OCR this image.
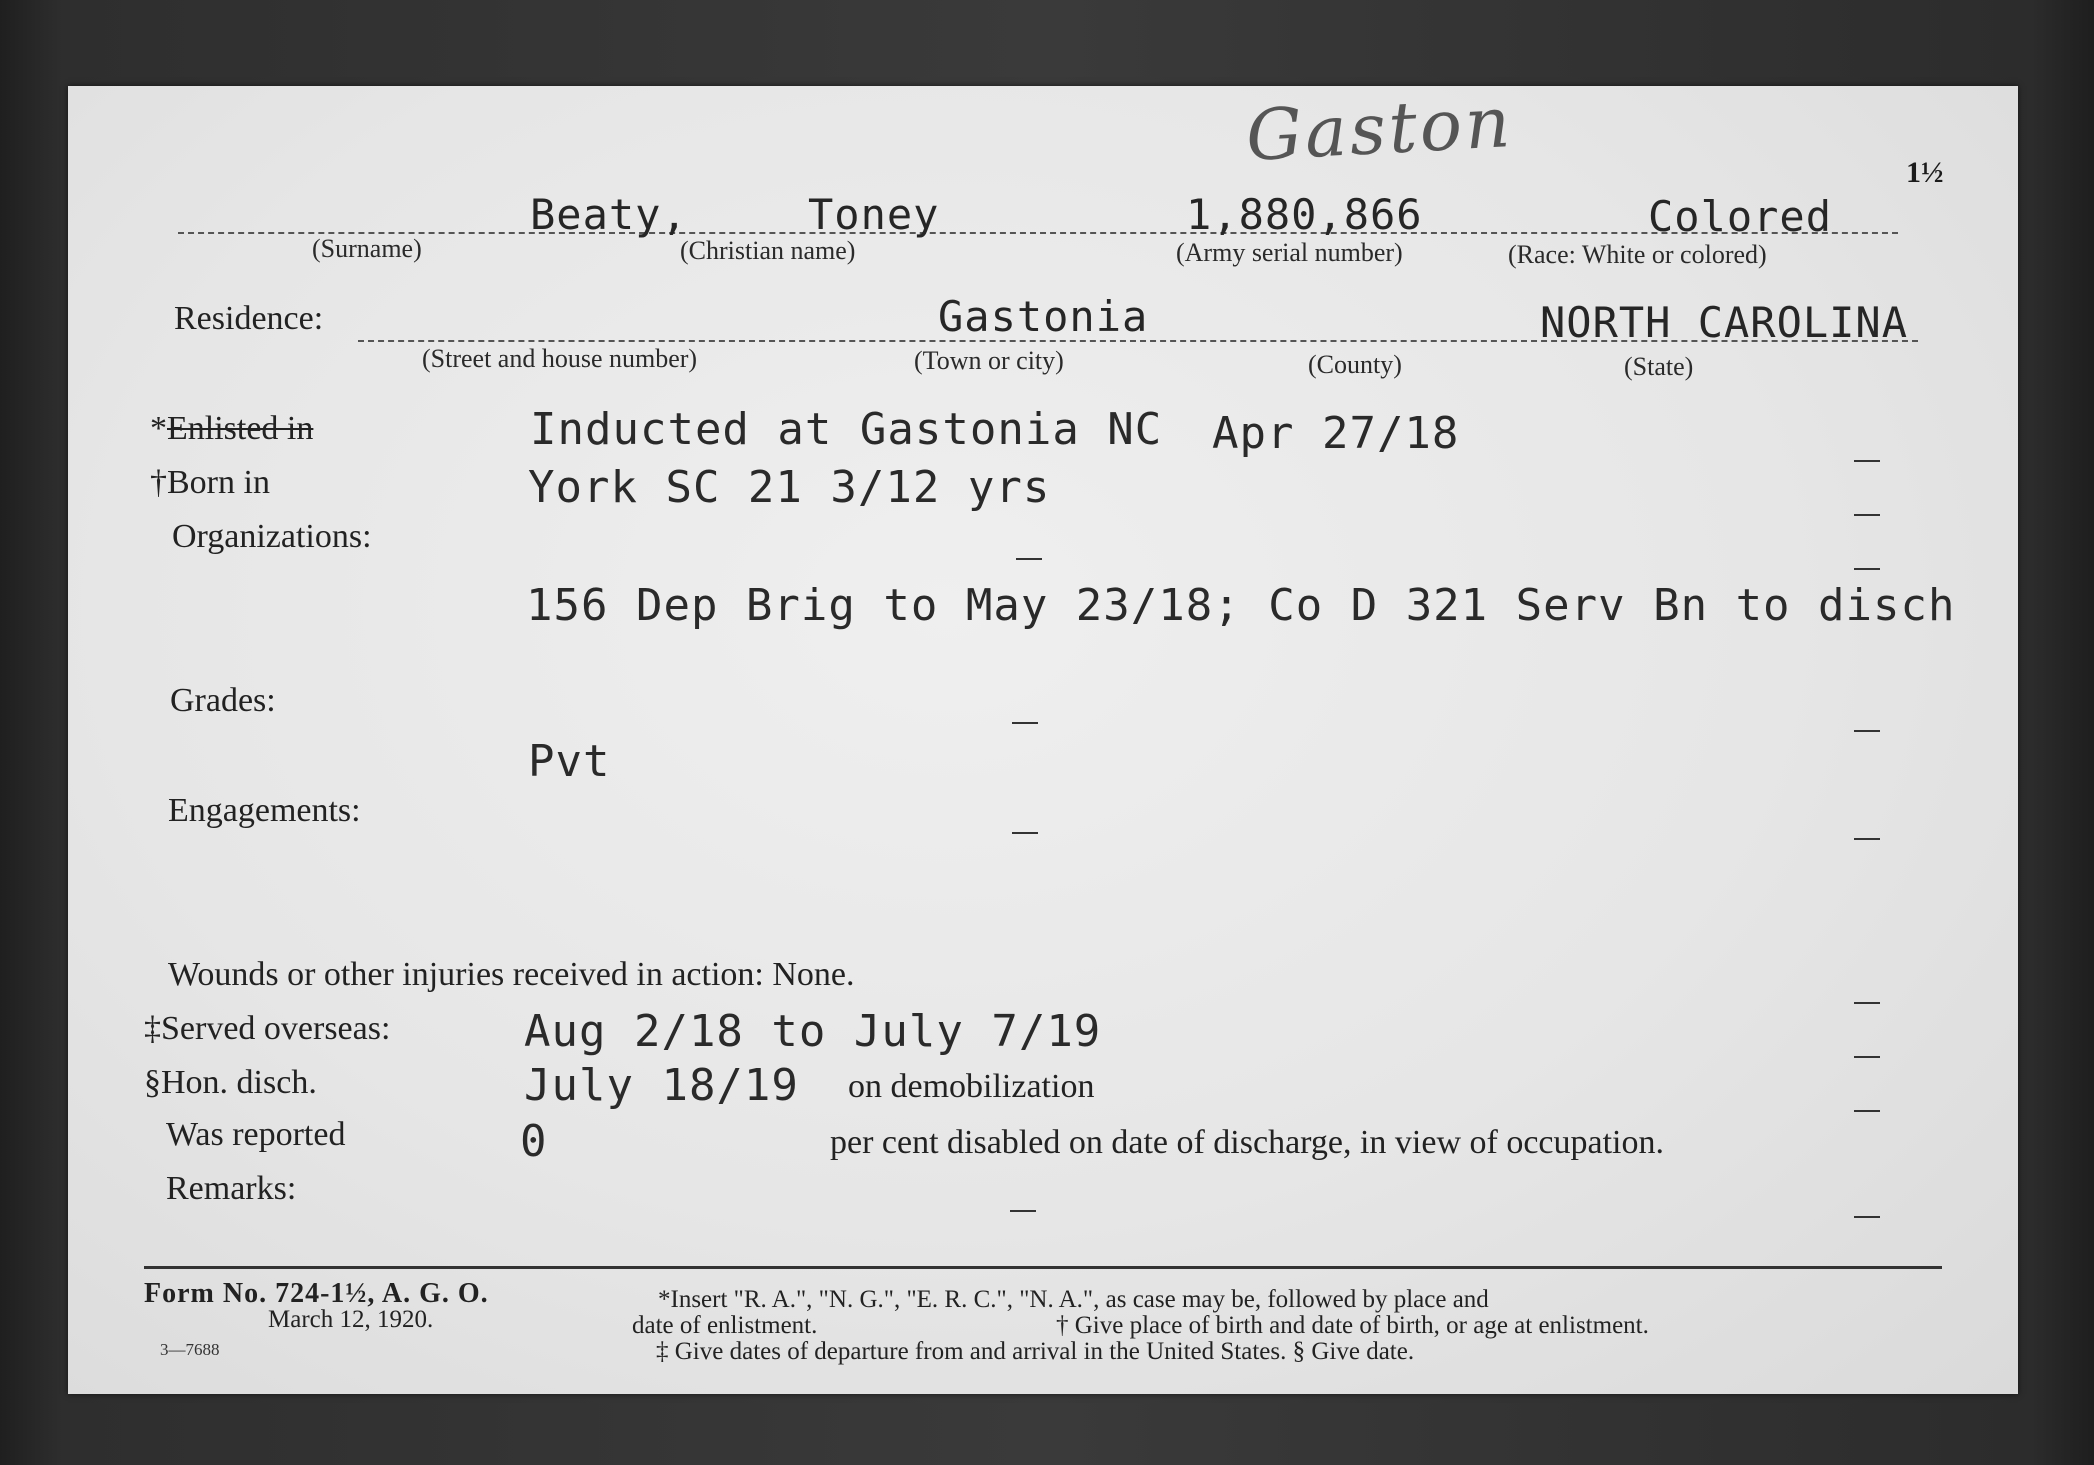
Gaston	1½
Beaty,	Toney	1,880,866	Colored
(Surname)	(Christian name)	(Army serial number)	(Race: White or colored)
Residence:	Gastonia	NORTH CAROLINA
(Street and house number)	(Town or city)	(County)	(State)
*Enlisted in	Inducted at Gastonia NC Apr 27/18
†Born in	York SC 21 3/12 yrs
Organizations:
156 Dep Brig to May 23/18; Co D 321 Serv Bn to disch
Grades:
Pvt
Engagements:
Wounds or other injuries received in action: None.
‡Served overseas:	Aug 2/18 to July 7/19
§Hon. disch.	July 18/19 on demobilization
Was reported	0	per cent disabled on date of discharge, in view of occupation.
Remarks:
Form No. 724-1½, A. G. O.
March 12, 1920.
3—7688
*Insert "R. A.", "N. G.", "E. R. C.", "N. A.", as case may be, followed by place and
date of enlistment.	† Give place of birth and date of birth, or age at enlistment.
‡ Give dates of departure from and arrival in the United States. § Give date.
